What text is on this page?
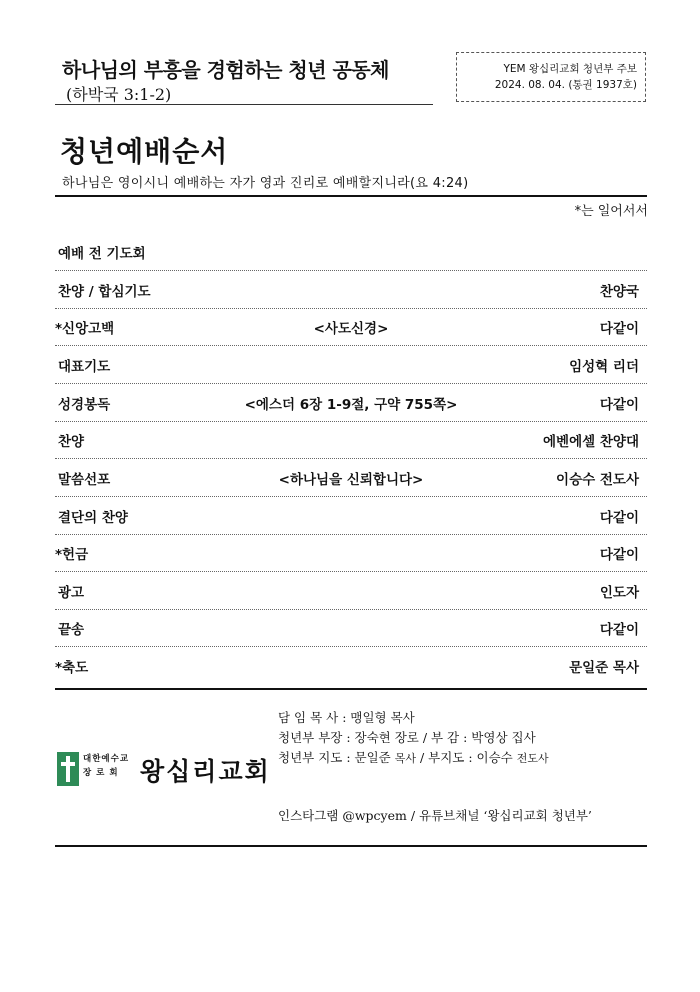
하나님의 부흥을 경험하는 청년 공동체
(하박국 3:1-2)
YEM 왕십리교회 청년부 주보
2024. 08. 04. (통권 1937호)
청년예배순서
하나님은 영이시니 예배하는 자가 영과 진리로 예배할지니라(요 4:24)
*는 일어서서
예배 전 기도회
찬양 / 합심기도	찬양국
*신앙고백	<사도신경>	다같이
대표기도	임성혁 리더
성경봉독	<에스더 6장 1-9절, 구약 755쪽>	다같이
찬양	에벤에셀 찬양대
말씀선포	<하나님을 신뢰합니다>	이승수 전도사
결단의 찬양	다같이
*헌금	다같이
광고	인도자
끝송	다같이
*축도	문일준 목사
대한예수교
장 로 회 왕십리교회
담 임 목 사 : 맹일형 목사
청년부 부장 : 장숙현 장로 / 부 감 : 박영상 집사
청년부 지도 : 문일준 목사 / 부지도 : 이승수 전도사
인스타그램 @wpcyem / 유튜브채널 ‘왕십리교회 청년부’
